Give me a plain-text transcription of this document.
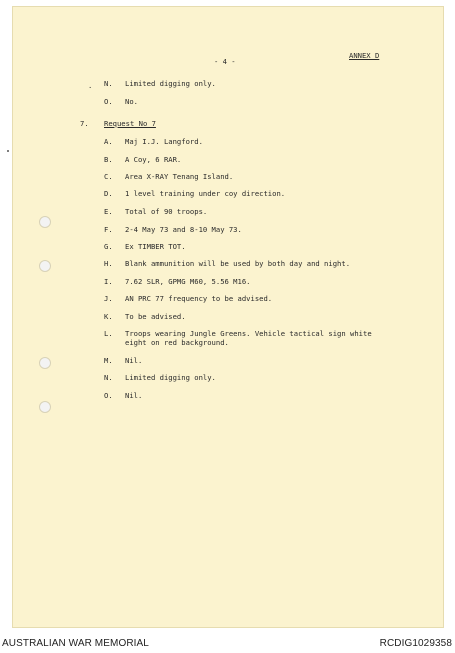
- 4 -
ANNEX D
. N. Limited digging only.
O. No.
7. Request No 7
A. Maj I.J. Langford.
B. A Coy, 6 RAR.
C. Area X-RAY Tenang Island.
D. 1 level training under coy direction.
E. Total of 90 troops.
F. 2-4 May 73 and 8-10 May 73.
G. Ex TIMBER TOT.
H. Blank ammunition will be used by both day and night.
I. 7.62 SLR, GPMG M60, 5.56 M16.
J. AN PRC 77 frequency to be advised.
K. To be advised.
L. Troops wearing Jungle Greens. Vehicle tactical sign white
eight on red background.
M. Nil.
N. Limited digging only.
O. Nil.
AUSTRALIAN WAR MEMORIAL	RCDIG1029358
